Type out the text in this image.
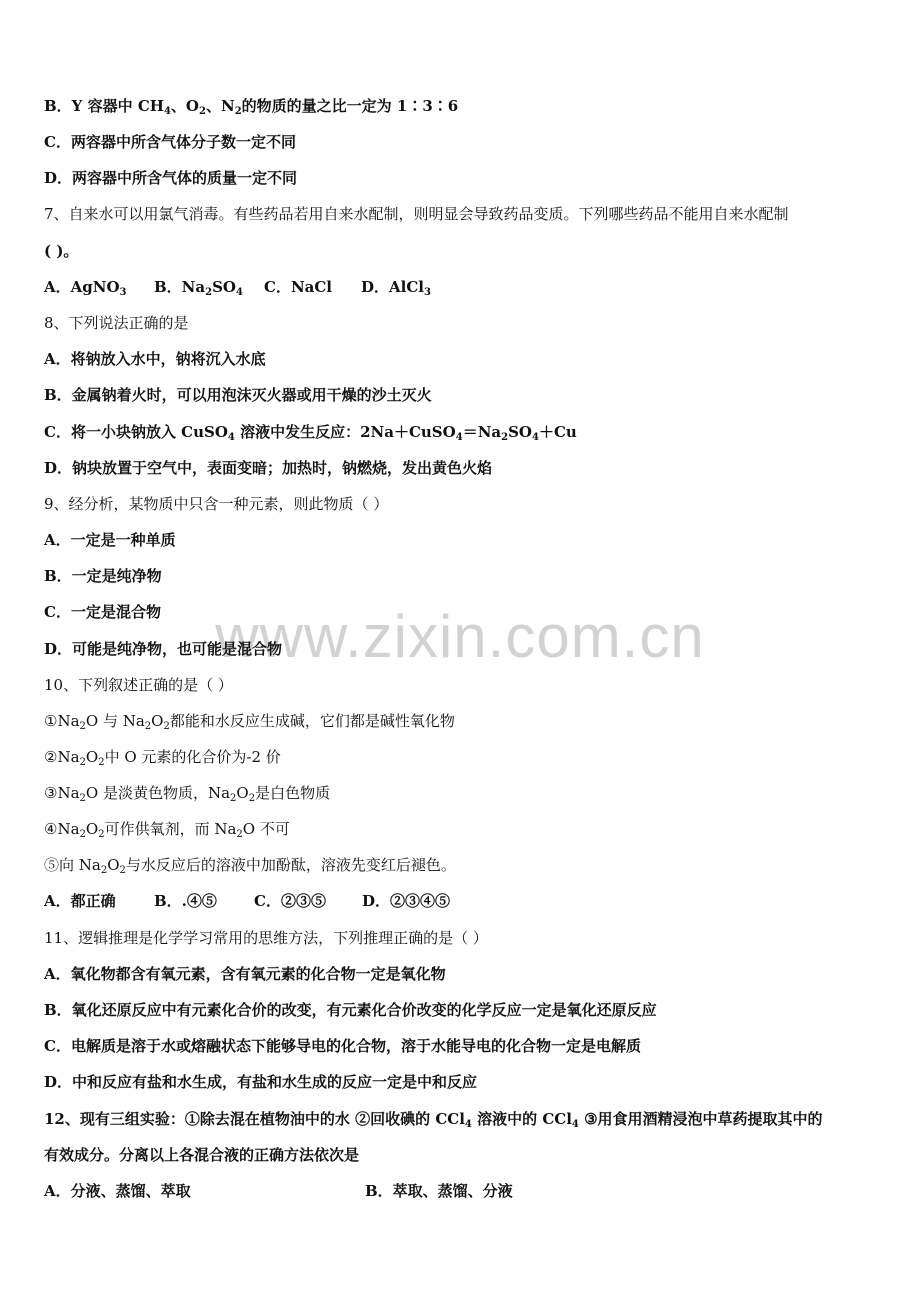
www.zixin.com.cn
B．Y 容器中 $CH_4$、$O_2$、$N_2$的物质的量之比一定为 1∶3∶6
C．两容器中所含气体分子数一定不同
D．两容器中所含气体的质量一定不同
7、自来水可以用氯气消毒。有些药品若用自来水配制，则明显会导致药品变质。下列哪些药品不能用自来水配制
( )。
A．AgNO$_3$ B．$Na_2SO_4$ C．NaCl D．AlCl$_3$
8、下列说法正确的是
A．将钠放入水中，钠将沉入水底
B．金属钠着火时，可以用泡沫灭火器或用干燥的沙土灭火
C．将一小块钠放入 CuSO$_4$ 溶液中发生反应：$2Na+CuSO_4=Na_2SO_4+Cu$
D．钠块放置于空气中，表面变暗；加热时，钠燃烧，发出黄色火焰
9、经分析，某物质中只含一种元素，则此物质（ ）
A．一定是一种单质
B．一定是纯净物
C．一定是混合物
D．可能是纯净物，也可能是混合物
10、下列叙述正确的是（ ）
$①Na_2O$ 与 $Na_2O_2$都能和水反应生成碱，它们都是碱性氧化物
$②Na_2O_2$中 O 元素的化合价为-2 价
$③Na_2O$ 是淡黄色物质，$Na_2O_2$是白色物质
$④Na_2O_2$可作供氧剂，而 $Na_2O$ 不可
⑤向 $Na_2O_2$与水反应后的溶液中加酚酞，溶液先变红后褪色。
A．都正确	B．.④⑤ C．②③⑤ D．②③④⑤
11、逻辑推理是化学学习常用的思维方法，下列推理正确的是（ ）
A．氧化物都含有氧元素，含有氧元素的化合物一定是氧化物
B．氧化还原反应中有元素化合价的改变，有元素化合价改变的化学反应一定是氧化还原反应
C．电解质是溶于水或熔融状态下能够导电的化合物，溶于水能导电的化合物一定是电解质
D．中和反应有盐和水生成，有盐和水生成的反应一定是中和反应
12、现有三组实验：①除去混在植物油中的水 ②回收碘的 CCl$_4$ 溶液中的 CCl$_4$ ③用食用酒精浸泡中草药提取其中的
有效成分。分离以上各混合液的正确方法依次是
A．分液、蒸馏、萃取	B．萃取、蒸馏、分液
